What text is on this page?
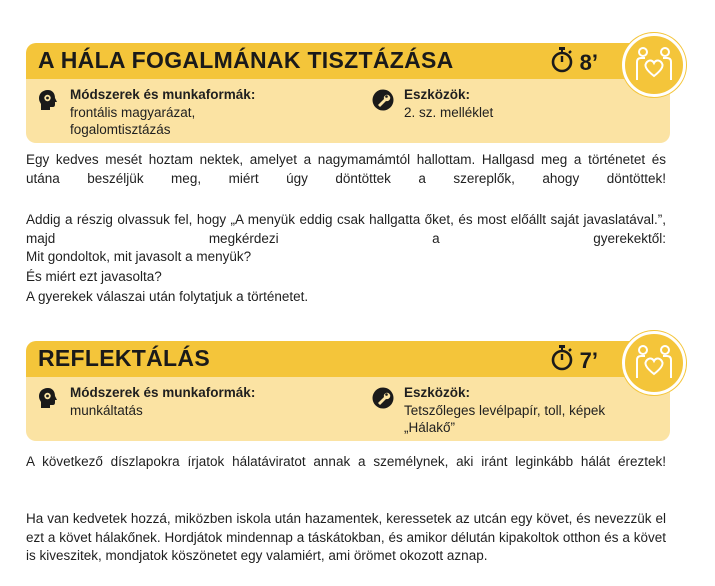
A HÁLA FOGALMÁNAK TISZTÁZÁSA	8’
Módszerek és munkaformák:
frontális magyarázat,
fogalomtisztázás
Eszközök:
2. sz. melléklet

Egy kedves mesét hoztam nektek, amelyet a nagymamámtól hallottam. Hallgasd meg a történetet és utána beszéljük meg, miért úgy döntöttek a szereplők, ahogy döntöttek!

Addig a részig olvassuk fel, hogy „A menyük eddig csak hallgatta őket, és most előállt saját javaslatával.”, majd megkérdezi a gyerekektől:

Mit gondoltok, mit javasolt a menyük?

És miért ezt javasolta?

A gyerekek válaszai után folytatjuk a történetet.

REFLEKTÁLÁS	7’
Módszerek és munkaformák:
munkáltatás
Eszközök:
Tetszőleges levélpapír, toll, képek
„Hálakő”

A következő díszlapokra írjatok hálatáviratot annak a személynek, aki iránt leginkább hálát éreztek!

Ha van kedvetek hozzá, miközben iskola után hazamentek, keressetek az utcán egy követ, és nevezzük el ezt a követ hálakőnek. Hordjátok mindennap a táskátokban, és amikor délután kipakoltok otthon és a követ is kiveszitek, mondjatok köszönetet egy valamiért, ami örömet okozott aznap.
